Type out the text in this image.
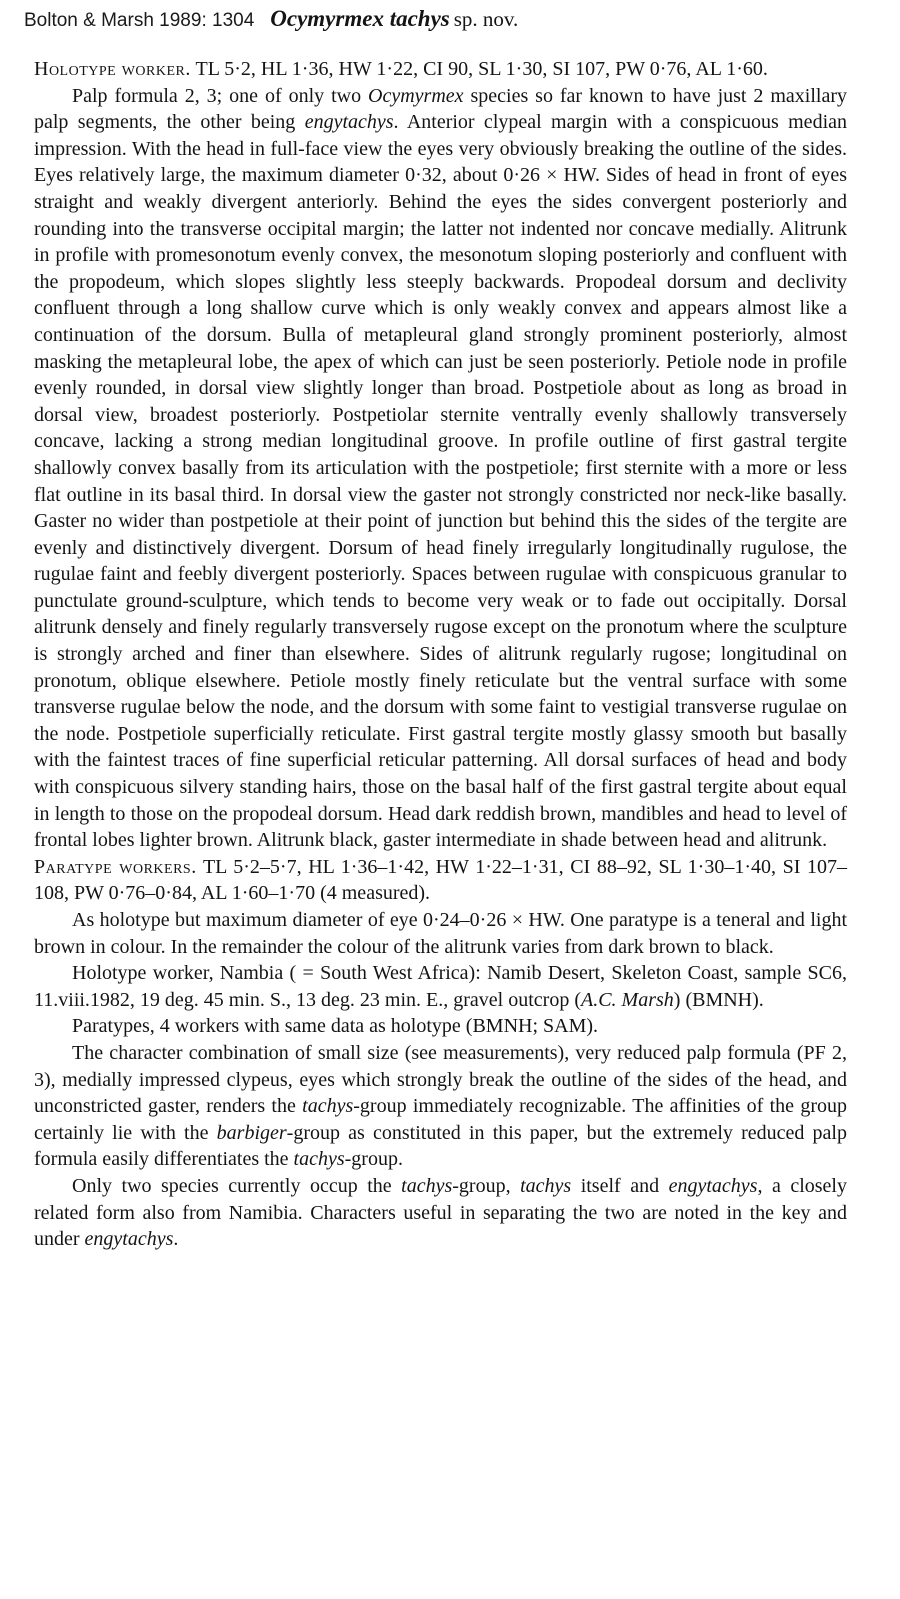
Bolton & Marsh 1989: 1304 Ocymyrmex tachys sp. nov.

Holotype worker. TL 5·2, HL 1·36, HW 1·22, CI 90, SL 1·30, SI 107, PW 0·76, AL 1·60.

Palp formula 2, 3; one of only two Ocymyrmex species so far known to have just 2 maxillary palp segments, the other being engytachys. Anterior clypeal margin with a conspicuous median impression. With the head in full-face view the eyes very obviously breaking the outline of the sides. Eyes relatively large, the maximum diameter 0·32, about 0·26 × HW. Sides of head in front of eyes straight and weakly divergent anteriorly. Behind the eyes the sides convergent posteriorly and rounding into the transverse occipital margin; the latter not indented nor concave medially. Alitrunk in profile with promesonotum evenly convex, the mesonotum sloping posteriorly and confluent with the propodeum, which slopes slightly less steeply backwards. Propodeal dorsum and declivity confluent through a long shallow curve which is only weakly convex and appears almost like a continuation of the dorsum. Bulla of metapleural gland strongly prominent posteriorly, almost masking the metapleural lobe, the apex of which can just be seen posteriorly. Petiole node in profile evenly rounded, in dorsal view slightly longer than broad. Postpetiole about as long as broad in dorsal view, broadest posteriorly. Postpetiolar sternite ventrally evenly shallowly transversely concave, lacking a strong median longitudinal groove. In profile outline of first gastral tergite shallowly convex basally from its articulation with the postpetiole; first sternite with a more or less flat outline in its basal third. In dorsal view the gaster not strongly constricted nor neck-like basally. Gaster no wider than postpetiole at their point of junction but behind this the sides of the tergite are evenly and distinctively divergent. Dorsum of head finely irregularly longitudinally rugulose, the rugulae faint and feebly divergent posteriorly. Spaces between rugulae with conspicuous granular to punctulate ground-sculpture, which tends to become very weak or to fade out occipitally. Dorsal alitrunk densely and finely regularly transversely rugose except on the pronotum where the sculpture is strongly arched and finer than elsewhere. Sides of alitrunk regularly rugose; longitudinal on pronotum, oblique elsewhere. Petiole mostly finely reticulate but the ventral surface with some transverse rugulae below the node, and the dorsum with some faint to vestigial transverse rugulae on the node. Postpetiole superficially reticulate. First gastral tergite mostly glassy smooth but basally with the faintest traces of fine superficial reticular patterning. All dorsal surfaces of head and body with conspicuous silvery standing hairs, those on the basal half of the first gastral tergite about equal in length to those on the propodeal dorsum. Head dark reddish brown, mandibles and head to level of frontal lobes lighter brown. Alitrunk black, gaster intermediate in shade between head and alitrunk.

Paratype workers. TL 5·2–5·7, HL 1·36–1·42, HW 1·22–1·31, CI 88–92, SL 1·30–1·40, SI 107–108, PW 0·76–0·84, AL 1·60–1·70 (4 measured).

As holotype but maximum diameter of eye 0·24–0·26 × HW. One paratype is a teneral and light brown in colour. In the remainder the colour of the alitrunk varies from dark brown to black.

Holotype worker, Nambia ( = South West Africa): Namib Desert, Skeleton Coast, sample SC6, 11.viii.1982, 19 deg. 45 min. S., 13 deg. 23 min. E., gravel outcrop (A.C. Marsh) (BMNH).

Paratypes, 4 workers with same data as holotype (BMNH; SAM).

The character combination of small size (see measurements), very reduced palp formula (PF 2, 3), medially impressed clypeus, eyes which strongly break the outline of the sides of the head, and unconstricted gaster, renders the tachys-group immediately recognizable. The affinities of the group certainly lie with the barbiger-group as constituted in this paper, but the extremely reduced palp formula easily differentiates the tachys-group.

Only two species currently occup the tachys-group, tachys itself and engytachys, a closely related form also from Namibia. Characters useful in separating the two are noted in the key and under engytachys.
